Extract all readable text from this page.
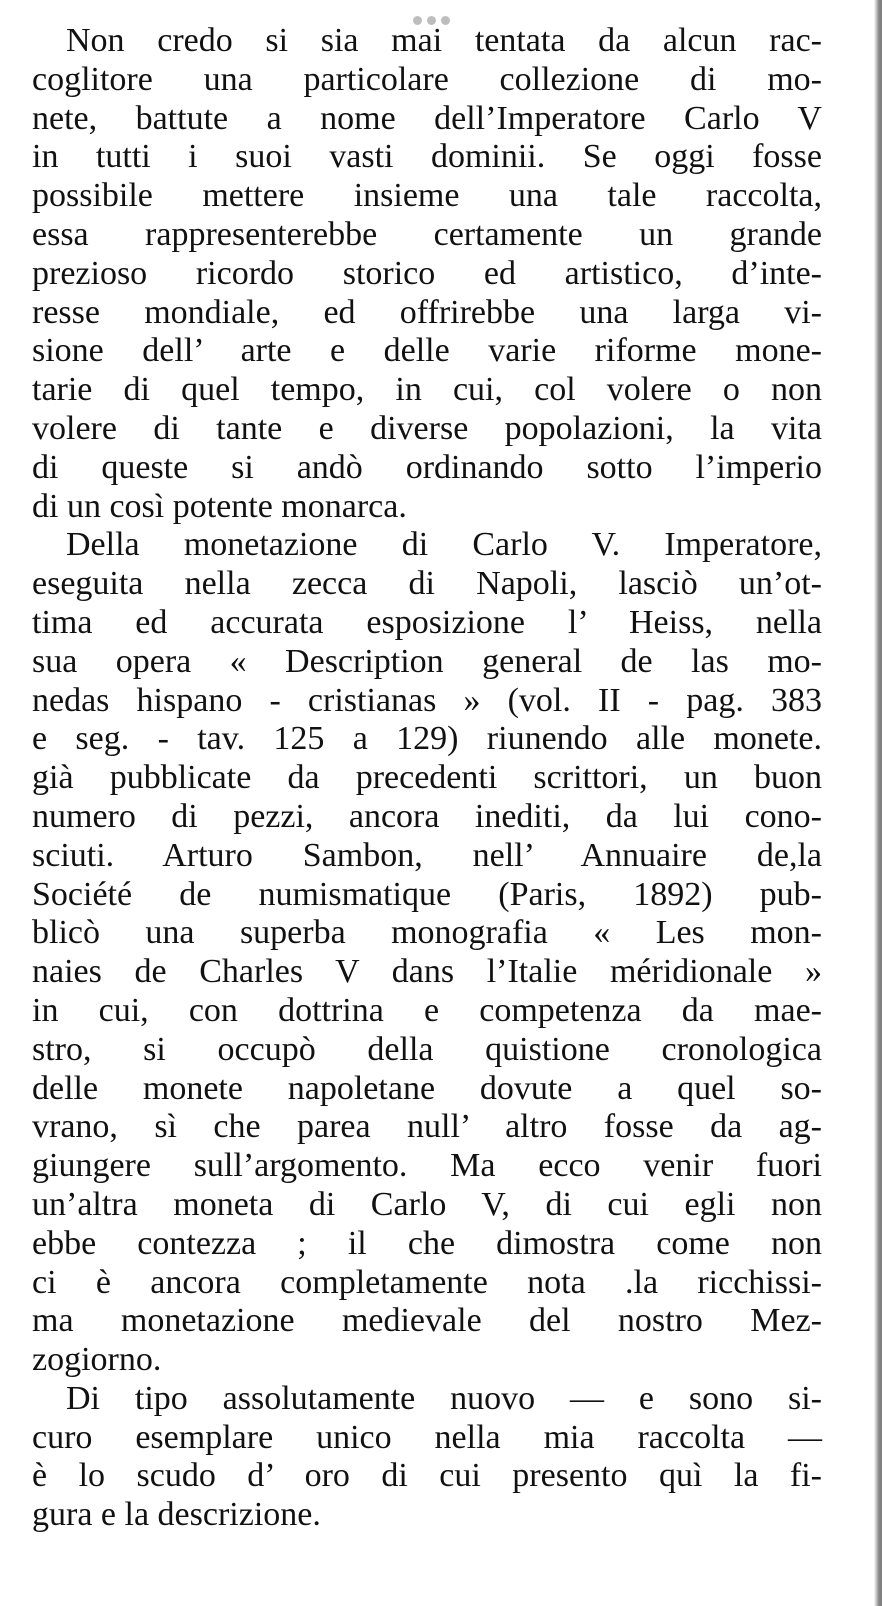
Non credo si sia mai tentata da alcun rac-
coglitore una particolare collezione di mo-
nete, battute a nome dell’Imperatore Carlo V
in tutti i suoi vasti dominii. Se oggi fosse
possibile mettere insieme una tale raccolta,
essa rappresenterebbe certamente un grande
prezioso ricordo storico ed artistico, d’inte-
resse mondiale, ed offrirebbe una larga vi-
sione dell’ arte e delle varie riforme mone-
tarie di quel tempo, in cui, col volere o non
volere di tante e diverse popolazioni, la vita
di queste si andò ordinando sotto l’imperio
di un così potente monarca.
Della monetazione di Carlo V. Imperatore,
eseguita nella zecca di Napoli, lasciò un’ot-
tima ed accurata esposizione l’ Heiss, nella
sua opera « Description general de las mo-
nedas hispano - cristianas » (vol. II - pag. 383
e seg. - tav. 125 a 129) riunendo alle monete.
già pubblicate da precedenti scrittori, un buon
numero di pezzi, ancora inediti, da lui cono-
sciuti. Arturo Sambon, nell’ Annuaire de,la
Société de numismatique (Paris, 1892) pub-
blicò una superba monografia « Les mon-
naies de Charles V dans l’Italie méridionale »
in cui, con dottrina e competenza da mae-
stro, si occupò della quistione cronologica
delle monete napoletane dovute a quel so-
vrano, sì che parea null’ altro fosse da ag-
giungere sull’argomento. Ma ecco venir fuori
un’altra moneta di Carlo V, di cui egli non
ebbe contezza ; il che dimostra come non
ci è ancora completamente nota .la ricchissi-
ma monetazione medievale del nostro Mez-
zogiorno.
Di tipo assolutamente nuovo — e sono si-
curo esemplare unico nella mia raccolta —
è lo scudo d’ oro di cui presento quì la fi-
gura e la descrizione.
